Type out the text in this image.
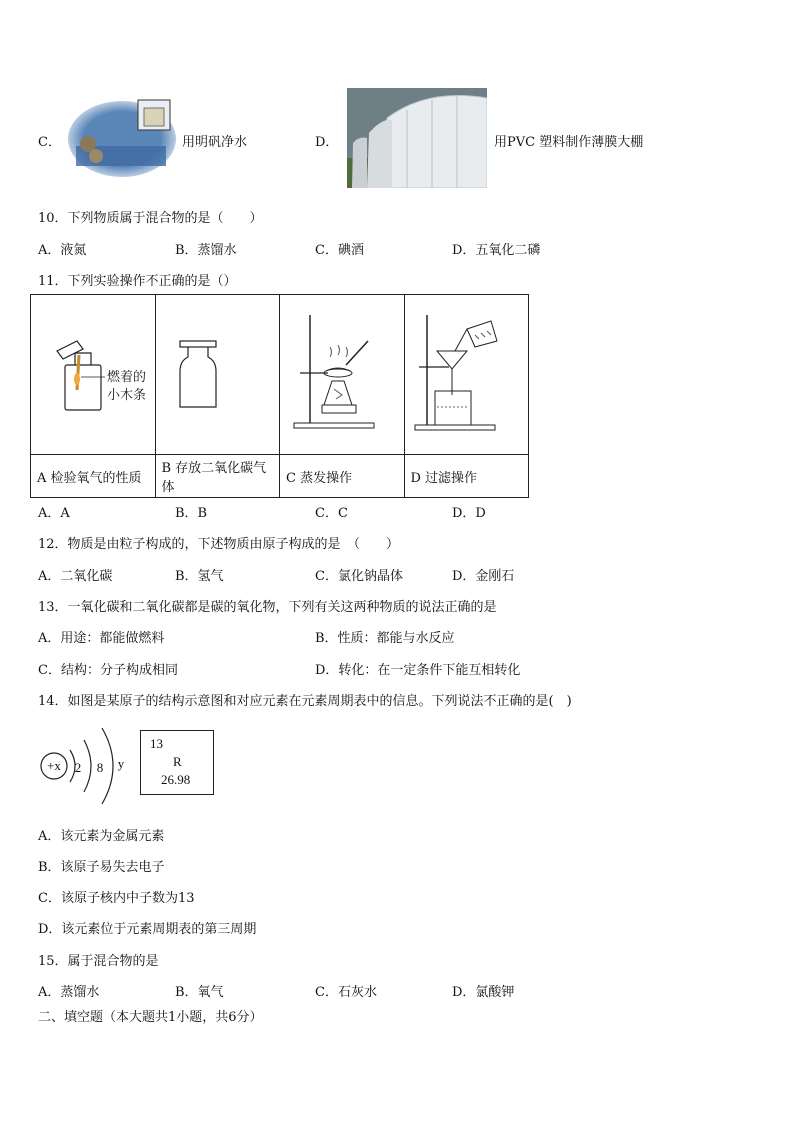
C．	用明矾净水	D．	用PVC 塑料制作薄膜大棚
10．下列物质属于混合物的是（　　）
A．液氮	B．蒸馏水	C．碘酒	D．五氧化二磷
11．下列实验操作不正确的是（）
燃着的
小木条

A 检验氧气的性质	B 存放二氧化碳气体	C 蒸发操作	D 过滤操作
A．A	B．B	C．C	D．D
12．物质是由粒子构成的，下述物质由原子构成的是　（　　）
A．二氧化碳	B．氢气	C．氯化钠晶体	D．金刚石
13．一氧化碳和二氧化碳都是碳的氧化物，下列有关这两种物质的说法正确的是
A．用途：都能做燃料	B．性质：都能与水反应
C．结构：分子构成相同	D．转化：在一定条件下能互相转化
14．如图是某原子的结构示意图和对应元素在元素周期表中的信息。下列说法不正确的是(　)
+x 2 8 y
13
R
26.98
A．该元素为金属元素
B．该原子易失去电子
C．该原子核内中子数为13
D．该元素位于元素周期表的第三周期
15．属于混合物的是
A．蒸馏水	B．氧气	C．石灰水	D．氯酸钾
二、填空题（本大题共1小题，共6分）
